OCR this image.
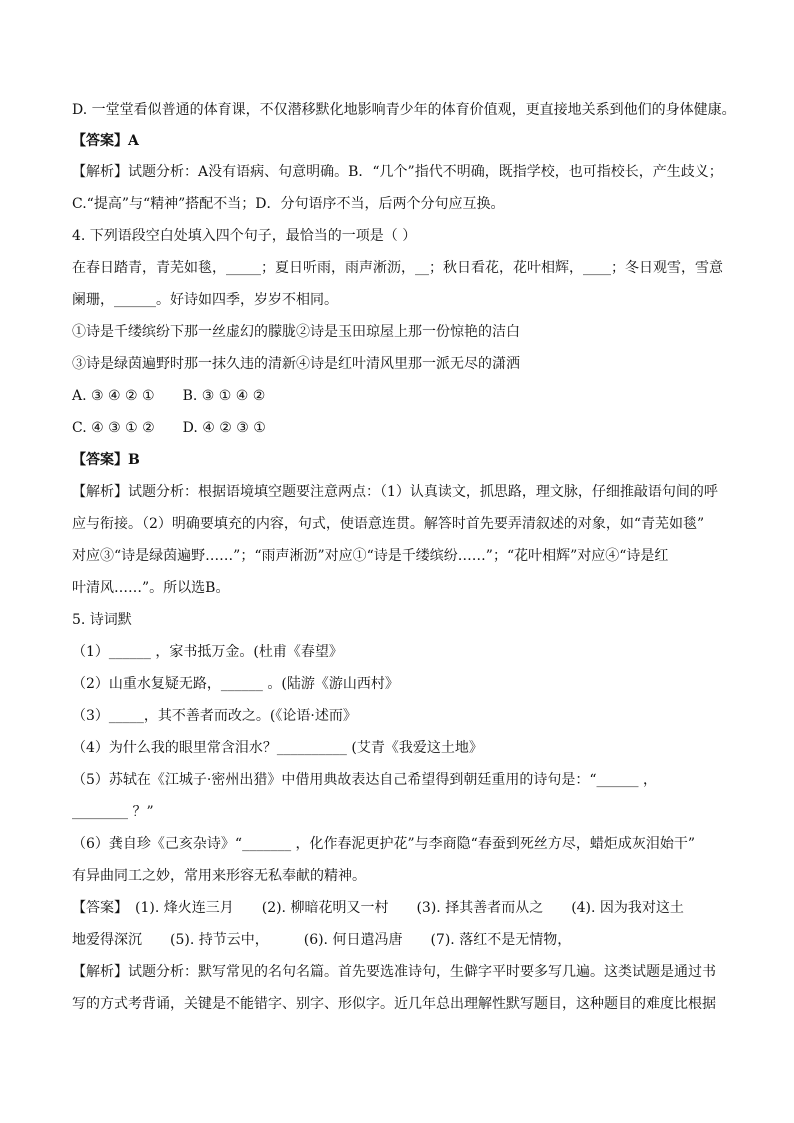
D. 一堂堂看似普通的体育课，不仅潜移默化地影响青少年的体育价值观，更直接地关系到他们的身体健康。
【答案】A
【解析】试题分析：A没有语病、句意明确。B．“几个”指代不明确，既指学校，也可指校长，产生歧义；
C.“提高”与“精神”搭配不当；D．分句语序不当，后两个分句应互换。
4. 下列语段空白处填入四个句子，最恰当的一项是（ ）
在春日踏青，青芜如毯，_____；夏日听雨，雨声淅沥，__；秋日看花，花叶相辉，____；冬日观雪，雪意
阑珊，______。好诗如四季，岁岁不相同。
①诗是千缕缤纷下那一丝虚幻的朦胧②诗是玉田琼屋上那一份惊艳的洁白
③诗是绿茵遍野时那一抹久违的清新④诗是红叶清风里那一派无尽的潇洒
A. ③ ④ ② ①　　B. ③ ① ④ ②
C. ④ ③ ① ②　　D. ④ ② ③ ①
【答案】B
【解析】试题分析：根据语境填空题要注意两点：（1）认真读文，抓思路，理文脉，仔细推敲语句间的呼
应与衔接。（2）明确要填充的内容，句式，使语意连贯。解答时首先要弄清叙述的对象，如“青芜如毯”
对应③“诗是绿茵遍野……”；“雨声淅沥”对应①“诗是千缕缤纷……”；“花叶相辉”对应④“诗是红
叶清风……”。所以选B。
5. 诗词默
（1）______ ，家书抵万金。(杜甫《春望》
（2）山重水复疑无路，______ 。(陆游《游山西村》
（3）_____，其不善者而改之。(《论语·述而》
（4）为什么我的眼里常含泪水？__________ (艾青《我爱这土地》
（5）苏轼在《江城子·密州出猎》中借用典故表达自己希望得到朝廷重用的诗句是：“______ ，
________ ？”
（6）龚自珍《己亥杂诗》“_______ ，化作春泥更护花”与李商隐“春蚕到死丝方尽，蜡炬成灰泪始干”
有异曲同工之妙，常用来形容无私奉献的精神。
【答案】　(1). 烽火连三月　　(2). 柳暗花明又一村　　(3). 择其善者而从之　　(4). 因为我对这土
地爱得深沉　　(5). 持节云中，　　　(6). 何日遣冯唐　　(7). 落红不是无情物，
【解析】试题分析：默写常见的名句名篇。首先要选准诗句，生僻字平时要多写几遍。这类试题是通过书
写的方式考背诵，关键是不能错字、别字、形似字。近几年总出理解性默写题目，这种题目的难度比根据
